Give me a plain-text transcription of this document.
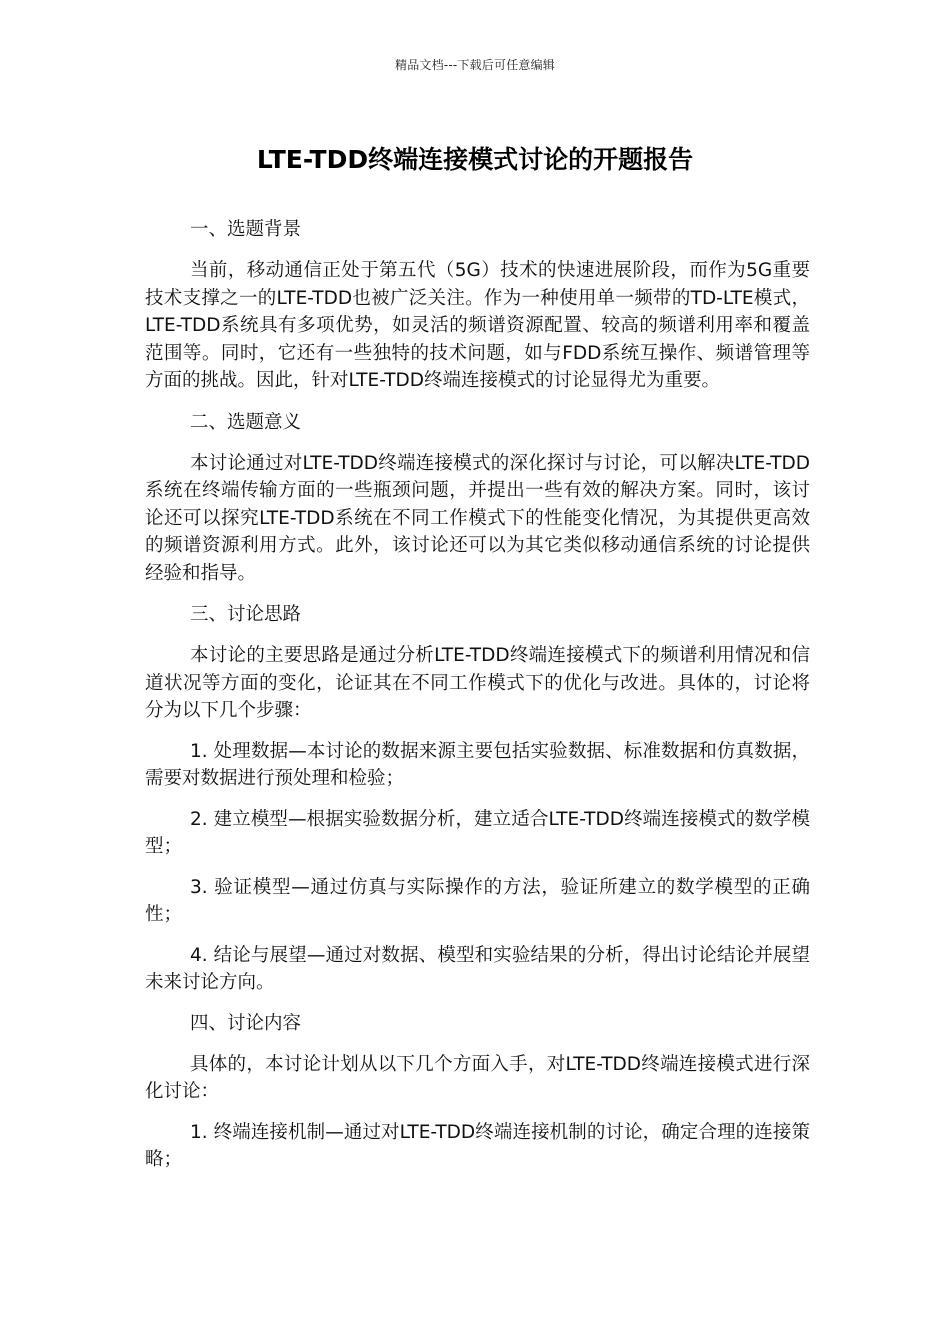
精品文档---下载后可任意编辑
LTE-TDD终端连接模式讨论的开题报告

一、选题背景

当前，移动通信正处于第五代（5G）技术的快速进展阶段，而作为5G重要技术支撑之一的LTE-TDD也被广泛关注。作为一种使用单一频带的TD-LTE模式，LTE-TDD系统具有多项优势，如灵活的频谱资源配置、较高的频谱利用率和覆盖范围等。同时，它还有一些独特的技术问题，如与FDD系统互操作、频谱管理等方面的挑战。因此，针对LTE-TDD终端连接模式的讨论显得尤为重要。

二、选题意义

本讨论通过对LTE-TDD终端连接模式的深化探讨与讨论，可以解决LTE-TDD系统在终端传输方面的一些瓶颈问题，并提出一些有效的解决方案。同时，该讨论还可以探究LTE-TDD系统在不同工作模式下的性能变化情况，为其提供更高效的频谱资源利用方式。此外，该讨论还可以为其它类似移动通信系统的讨论提供经验和指导。

三、讨论思路

本讨论的主要思路是通过分析LTE-TDD终端连接模式下的频谱利用情况和信道状况等方面的变化，论证其在不同工作模式下的优化与改进。具体的，讨论将分为以下几个步骤：

1. 处理数据—本讨论的数据来源主要包括实验数据、标准数据和仿真数据，需要对数据进行预处理和检验；

2. 建立模型—根据实验数据分析，建立适合LTE-TDD终端连接模式的数学模型；

3. 验证模型—通过仿真与实际操作的方法，验证所建立的数学模型的正确性；

4. 结论与展望—通过对数据、模型和实验结果的分析，得出讨论结论并展望未来讨论方向。

四、讨论内容

具体的，本讨论计划从以下几个方面入手，对LTE-TDD终端连接模式进行深化讨论：

1. 终端连接机制—通过对LTE-TDD终端连接机制的讨论，确定合理的连接策略；
